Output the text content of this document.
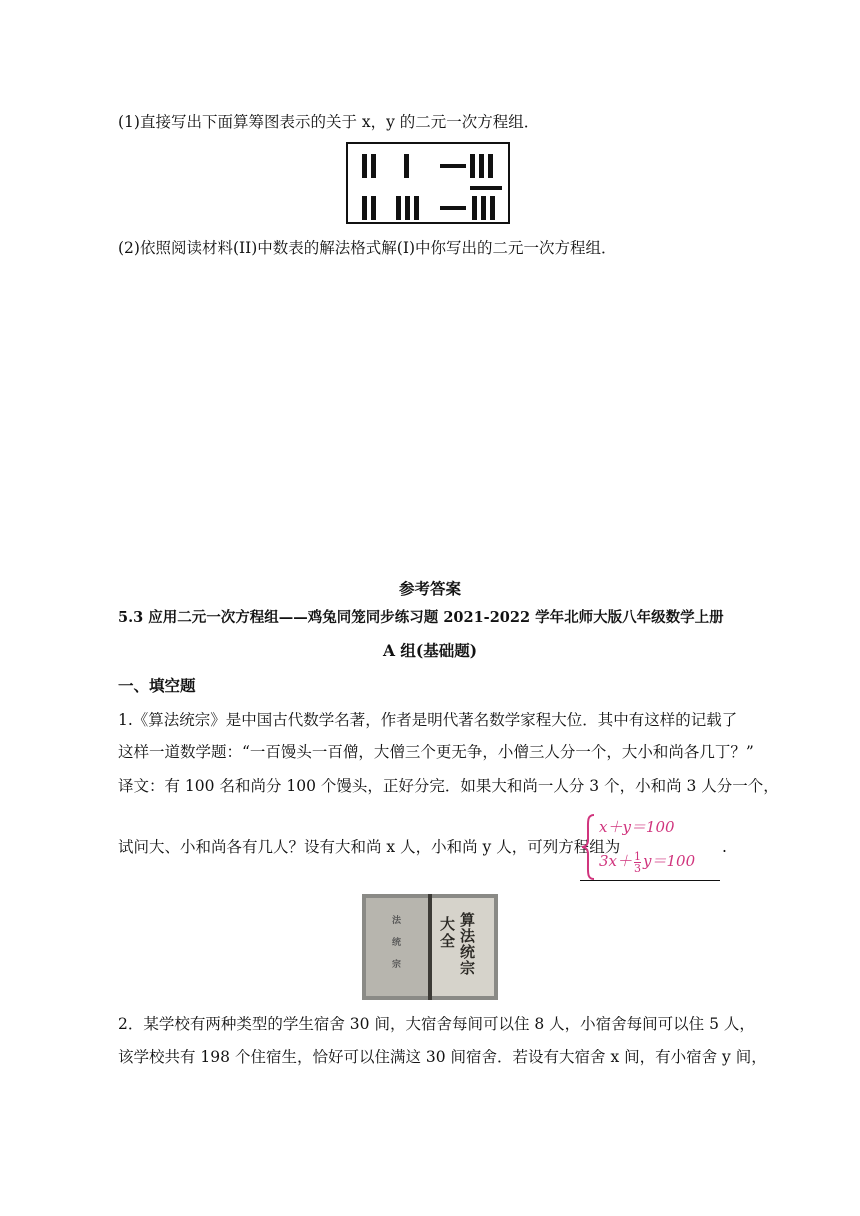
(1)直接写出下面算筹图表示的关于 x，y 的二元一次方程组．
(2)依照阅读材料(II)中数表的解法格式解(I)中你写出的二元一次方程组．
参考答案
5.3 应用二元一次方程组——鸡兔同笼同步练习题 2021-2022 学年北师大版八年级数学上册
A 组(基础题)
一、填空题
1.《算法统宗》是中国古代数学名著，作者是明代著名数学家程大位．其中有这样的记载了
这样一道数学题：“一百馒头一百僧，大僧三个更无争，小僧三人分一个，大小和尚各几丁？”
译文：有 100 名和尚分 100 个馒头，正好分完．如果大和尚一人分 3 个，小和尚 3 人分一个，
试问大、小和尚各有几人？设有大和尚 x 人，小和尚 y 人，可列方程组为
x＋y＝100
$3x+ \frac{1}{3} y=100$
.
法 统 宗
算 法 统 宗
大 全
2．某学校有两种类型的学生宿舍 30 间，大宿舍每间可以住 8 人，小宿舍每间可以住 5 人，
该学校共有 198 个住宿生，恰好可以住满这 30 间宿舍．若设有大宿舍 x 间，有小宿舍 y 间，
